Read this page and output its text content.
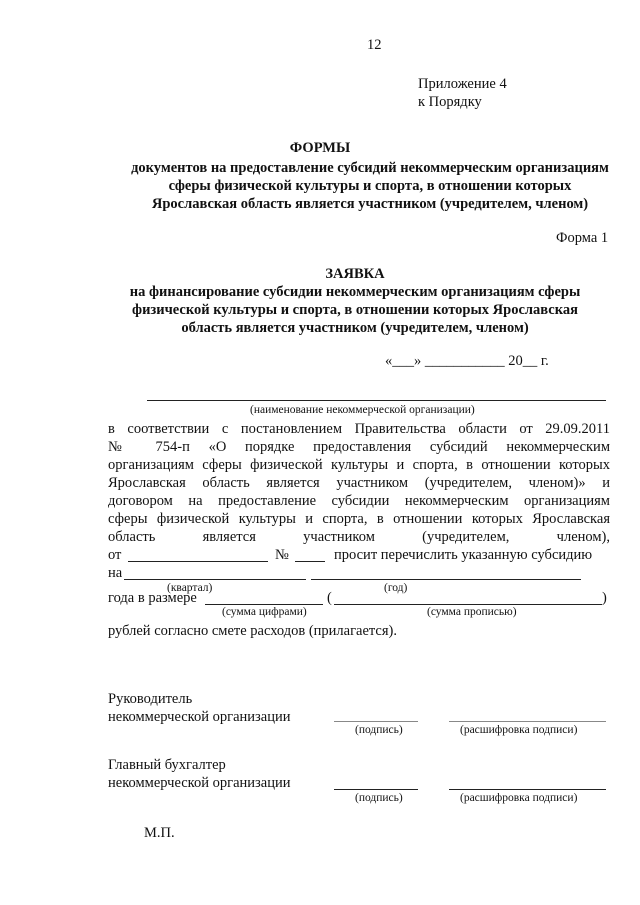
12
Приложение 4
к Порядку
ФОРМЫ
документов на предоставление субсидий некоммерческим организациям
сферы физической культуры и спорта, в отношении которых
Ярославская область является участником (учредителем, членом)
Форма 1
ЗАЯВКА
на финансирование субсидии некоммерческим организациям сферы
физической культуры и спорта, в отношении которых Ярославская
область является участником (учредителем, членом)
«___» ___________ 20__ г.
(наименование некоммерческой организации)
в соответствии с постановлением Правительства области от 29.09.2011
№ 754-п «О порядке предоставления субсидий некоммерческим
организациям сферы физической культуры и спорта, в отношении которых
Ярославская область является участником (учредителем, членом)» и
договором на предоставление субсидии некоммерческим организациям
сферы физической культуры и спорта, в отношении которых Ярославская
область является участником (учредителем, членом),
от	№	просит перечислить указанную субсидию
на
(квартал)	(год)
года в размере	(	)
(сумма цифрами)	(сумма прописью)
рублей согласно смете расходов (прилагается).
Руководитель
некоммерческой организации
(подпись)	(расшифровка подписи)
Главный бухгалтер
некоммерческой организации
(подпись)	(расшифровка подписи)
М.П.
